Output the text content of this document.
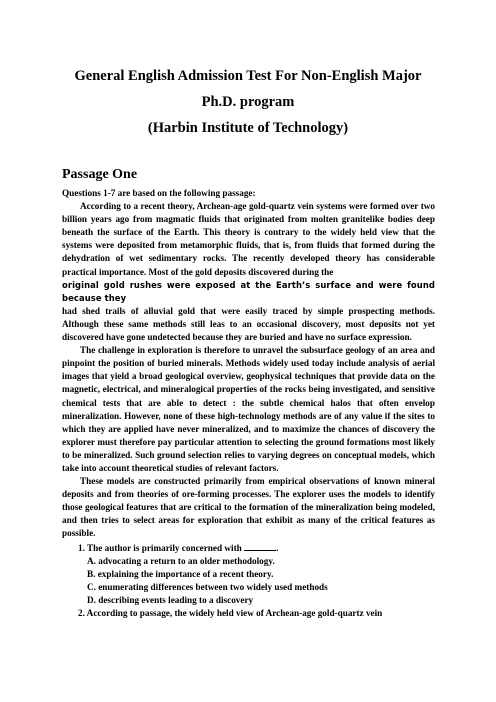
General English Admission Test For Non-English Major
Ph.D. program
(Harbin Institute of Technology)
Passage One

Questions 1-7 are based on the following passage:

According to a recent theory, Archean-age gold-quartz vein systems were formed over two billion years ago from magmatic fluids that originated from molten granitelike bodies deep beneath the surface of the Earth. This theory is contrary to the widely held view that the systems were deposited from metamorphic fluids, that is, from fluids that formed during the dehydration of wet sedimentary rocks. The recently developed theory has considerable practical importance. Most of the gold deposits discovered during the

original gold rushes were exposed at the Earth’s surface and were found because they

had shed trails of alluvial gold that were easily traced by simple prospecting methods. Although these same methods still leas to an occasional discovery, most deposits not yet discovered have gone undetected because they are buried and have no surface expression.

The challenge in exploration is therefore to unravel the subsurface geology of an area and pinpoint the position of buried minerals. Methods widely used today include analysis of aerial images that yield a broad geological overview, geophysical techniques that provide data on the magnetic, electrical, and mineralogical properties of the rocks being investigated, and sensitive chemical tests that are able to detect : the subtle chemical halos that often envelop mineralization. However, none of these high-technology methods are of any value if the sites to which they are applied have never mineralized, and to maximize the chances of discovery the explorer must therefore pay particular attention to selecting the ground formations most likely to be mineralized. Such ground selection relies to varying degrees on conceptual models, which take into account theoretical studies of relevant factors.

These models are constructed primarily from empirical observations of known mineral deposits and from theories of ore-forming processes. The explorer uses the models to identify those geological features that are critical to the formation of the mineralization being modeled, and then tries to select areas for exploration that exhibit as many of the critical features as possible.

1. The author is primarily concerned with	.

A. advocating a return to an older methodology.

B. explaining the importance of a recent theory.

C. enumerating differences between two widely used methods

D. describing events leading to a discovery

2. According to passage, the widely held view of Archean-age gold-quartz vein
